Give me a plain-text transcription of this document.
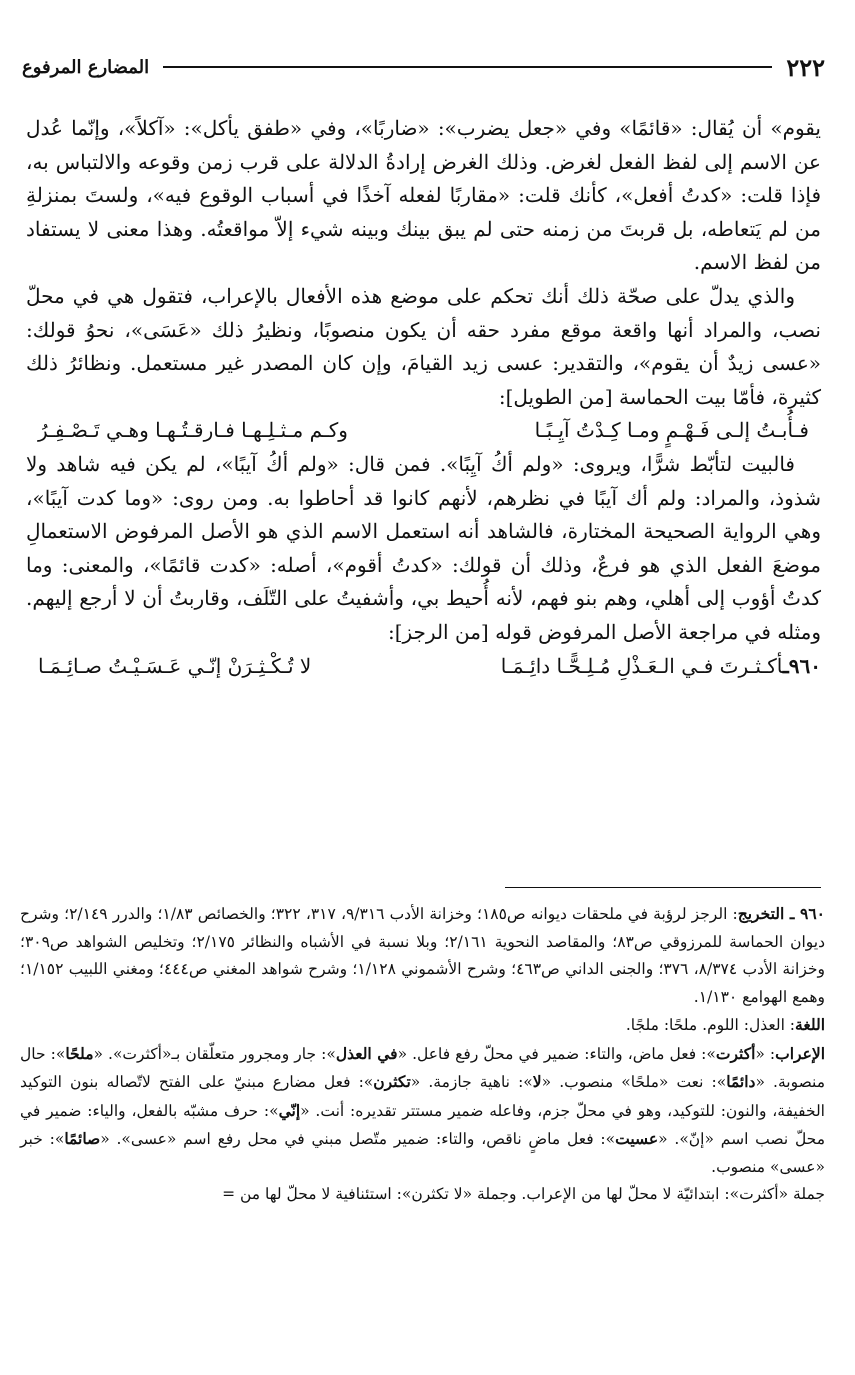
٢٢٢
المضارع المرفوع

يقوم» أن يُقال: «قائمًا» وفي «جعل يضرب»: «ضاربًا»، وفي «طفق يأكل»: «آكلاً»، وإنّما عُدل عن الاسم إلى لفظ الفعل لغرض. وذلك الغرض إرادةُ الدلالة على قرب زمن وقوعه والالتباس به، فإذا قلت: «كدتُ أفعل»، كأنك قلت: «مقاربًا لفعله آخذًا في أسباب الوقوع فيه»، ولستَ بمنزلةِ من لم يَتعاطه، بل قربتَ من زمنه حتى لم يبق بينك وبينه شيء إلاّ مواقعتُه. وهذا معنى لا يستفاد من لفظ الاسم.

والذي يدلّ على صحّة ذلك أنك تحكم على موضع هذه الأفعال بالإعراب، فتقول هي في محلّ نصب، والمراد أنها واقعة موقع مفرد حقه أن يكون منصوبًا، ونظيرُ ذلك «عَسَى»، نحوُ قولك: «عسى زيدٌ أن يقوم»، والتقدير: عسى زيد القيامَ، وإن كان المصدر غير مستعمل. ونظائرُ ذلك كثيرة، فأمّا بيت الحماسة [من الطويل]:

فـأُبـتُ إلـى فَـهْـمٍ ومـا كِـدْتُ آيِـبًـا
وكـم مـثـلِـهـا فـارقـتُـهـا وهـي تَـصْـفِـرُ

فالبيت لتأبّط شرًّا، ويروى: «ولم أكُ آيِبًا». فمن قال: «ولم أكُ آيبًا»، لم يكن فيه شاهد ولا شذوذ، والمراد: ولم أك آيبًا في نظرهم، لأنهم كانوا قد أحاطوا به. ومن روى: «وما كدت آيبًا»، وهي الرواية الصحيحة المختارة، فالشاهد أنه استعمل الاسم الذي هو الأصل المرفوض الاستعمالِ موضعَ الفعل الذي هو فرعٌ، وذلك أن قولك: «كدتُ أقوم»، أصله: «كدت قائمًا»، والمعنى: وما كدتُ أؤوب إلى أهلي، وهم بنو فهم، لأنه أُحيط بي، وأشفيتُ على التّلَف، وقاربتُ أن لا أرجع إليهم. ومثله في مراجعة الأصل المرفوض قوله [من الرجز]:

٩٦٠ـأكـثـرتَ فـي الـعَـذْلِ مُـلِـحًّـا دائِـمَـا
لا تُـكْـثِـرَنْ إنّـي عَـسَـيْـتُ صـائِـمَـا

٩٦٠ ـ التخريج: الرجز لرؤبة في ملحقات ديوانه ص١٨٥؛ وخزانة الأدب ٩/٣١٦، ٣١٧، ٣٢٢؛ والخصائص ١/٨٣؛ والدرر ٢/١٤٩؛ وشرح ديوان الحماسة للمرزوقي ص٨٣؛ والمقاصد النحوية ٢/١٦١؛ وبلا نسبة في الأشباه والنظائر ٢/١٧٥؛ وتخليص الشواهد ص٣٠٩؛ وخزانة الأدب ٨/٣٧٤، ٣٧٦؛ والجنى الداني ص٤٦٣؛ وشرح الأشموني ١/١٢٨؛ وشرح شواهد المغني ص٤٤٤؛ ومغني اللبيب ١/١٥٢؛ وهمع الهوامع ١/١٣٠.

اللغة: العذل: اللوم. ملحًا: ملجًا.

الإعراب: «أكثرت»: فعل ماض، والتاء: ضمير في محلّ رفع فاعل. «في العذل»: جار ومجرور متعلّقان بـ«أكثرت». «ملحًا»: حال منصوبة. «دائمًا»: نعت «ملحًا» منصوب. «لا»: ناهية جازمة. «تكثرن»: فعل مضارع مبنيّ على الفتح لاتّصاله بنون التوكيد الخفيفة، والنون: للتوكيد، وهو في محلّ جزم، وفاعله ضمير مستتر تقديره: أنت. «إنّي»: حرف مشبّه بالفعل، والياء: ضمير في محلّ نصب اسم «إنّ». «عسيت»: فعل ماضٍ ناقص، والتاء: ضمير متّصل مبني في محل رفع اسم «عسى». «صائمًا»: خبر «عسى» منصوب.

جملة «أكثرت»: ابتدائيّة لا محلّ لها من الإعراب. وجملة «لا تكثرن»: استئنافية لا محلّ لها من =
